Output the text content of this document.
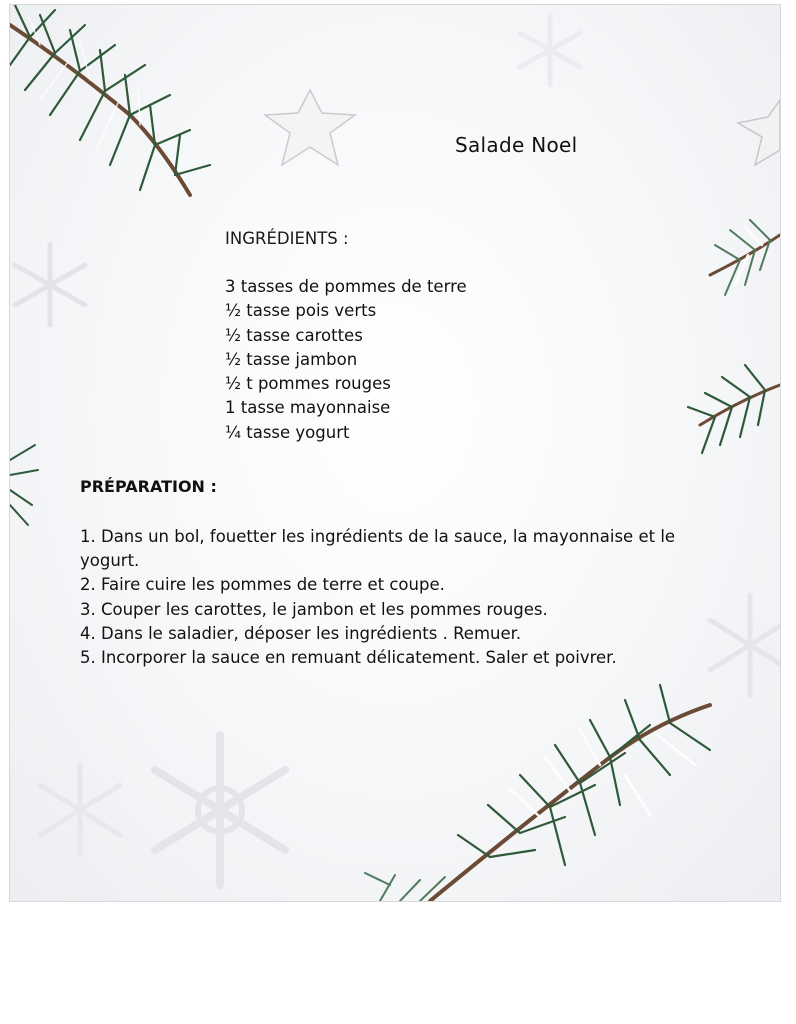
Salade Noel
INGRÉDIENTS :
3 tasses de pommes de terre
½ tasse pois verts
½ tasse carottes
½ tasse jambon
½ t pommes rouges
1 tasse mayonnaise
¼ tasse yogurt
PRÉPARATION :
1. Dans un bol, fouetter les ingrédients de la sauce, la mayonnaise et le yogurt.
2. Faire cuire les pommes de terre et coupe.
3. Couper les carottes, le jambon et les pommes rouges.
4. Dans le saladier, déposer les ingrédients . Remuer.
5. Incorporer la sauce en remuant délicatement. Saler et poivrer.
